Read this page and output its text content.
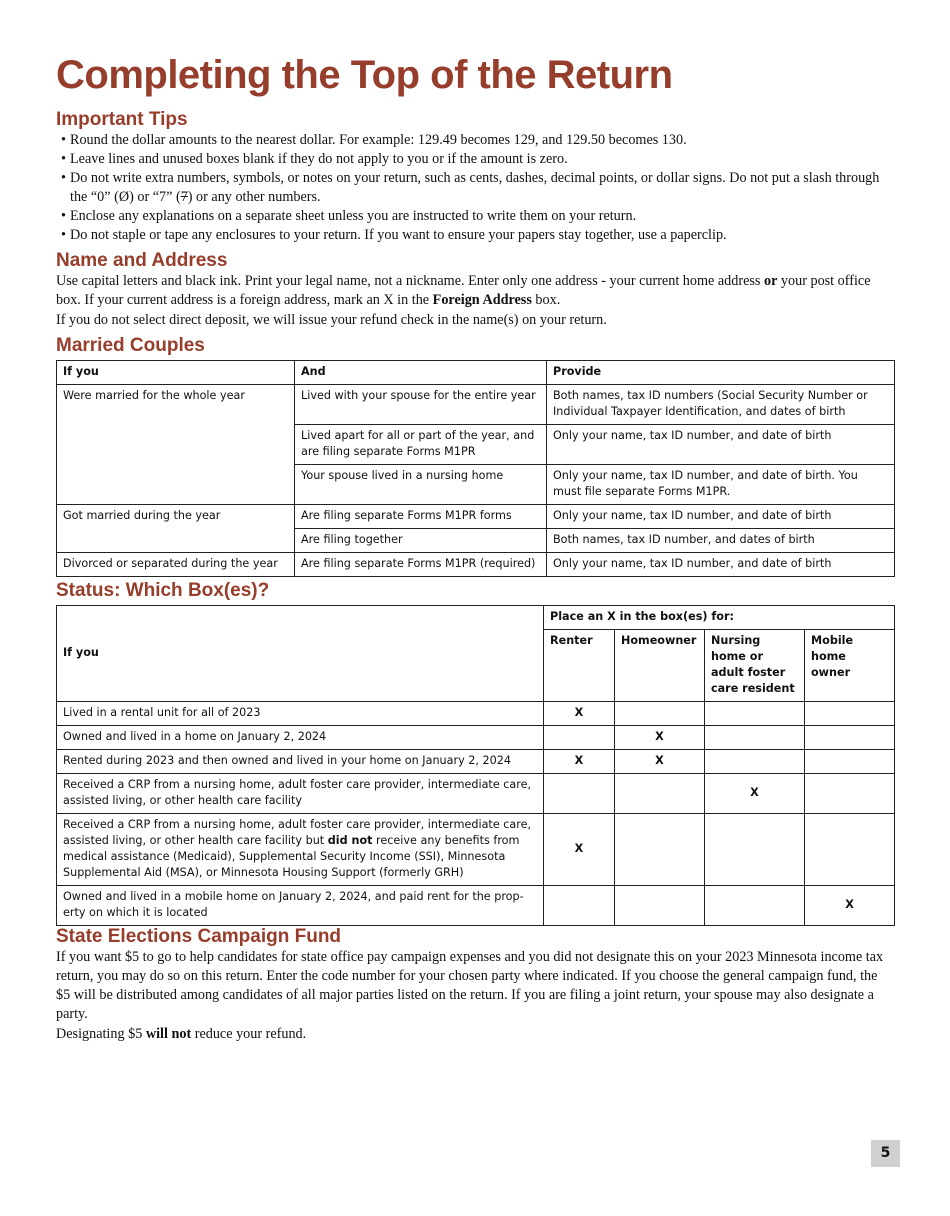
Completing the Top of the Return
Important Tips
• Round the dollar amounts to the nearest dollar. For example: 129.49 becomes 129, and 129.50 becomes 130.
• Leave lines and unused boxes blank if they do not apply to you or if the amount is zero.
• Do not write extra numbers, symbols, or notes on your return, such as cents, dashes, decimal points, or dollar signs. Do not put a slash through the “0” (Ø) or “7” (7) or any other numbers.
• Enclose any explanations on a separate sheet unless you are instructed to write them on your return.
• Do not staple or tape any enclosures to your return. If you want to ensure your papers stay together, use a paperclip.
Name and Address

Use capital letters and black ink. Print your legal name, not a nickname. Enter only one address - your current home address or your post office box. If your current address is a foreign address, mark an X in the Foreign Address box.

If you do not select direct deposit, we will issue your refund check in the name(s) on your return.

Married Couples
If you	And	Provide
Were married for the whole year	Lived with your spouse for the entire year	Both names, tax ID numbers (Social Security Number or Individual Taxpayer Identification, and dates of birth
	Lived apart for all or part of the year, and are filing separate Forms M1PR	Only your name, tax ID number, and date of birth
	Your spouse lived in a nursing home	Only your name, tax ID number, and date of birth. You must file separate Forms M1PR.
Got married during the year	Are filing separate Forms M1PR forms	Only your name, tax ID number, and date of birth
	Are filing together	Both names, tax ID number, and dates of birth
Divorced or separated during the year	Are filing separate Forms M1PR (required)	Only your name, tax ID number, and date of birth
Status: Which Box(es)?
If you	Place an X in the box(es) for:			
	Renter	Homeowner	Nursing home or adult foster care resident	Mobile home owner
Lived in a rental unit for all of 2023	X			
Owned and lived in a home on January 2, 2024		X		
Rented during 2023 and then owned and lived in your home on January 2, 2024	X	X		
Received a CRP from a nursing home, adult foster care provider, intermediate care, assisted living, or other health care facility			X	
Received a CRP from a nursing home, adult foster care provider, intermediate care, assisted living, or other health care facility but did not receive any benefits from medical assistance (Medicaid), Supplemental Security Income (SSI), Minnesota Supplemental Aid (MSA), or Minnesota Housing Support (formerly GRH)	X			
Owned and lived in a mobile home on January 2, 2024, and paid rent for the property on which it is located				X
State Elections Campaign Fund

If you want $5 to go to help candidates for state office pay campaign expenses and you did not designate this on your 2023 Minnesota income tax return, you may do so on this return. Enter the code number for your chosen party where indicated. If you choose the general campaign fund, the $5 will be distributed among candidates of all major parties listed on the return. If you are filing a joint return, your spouse may also designate a party.

Designating $5 will not reduce your refund.

5
